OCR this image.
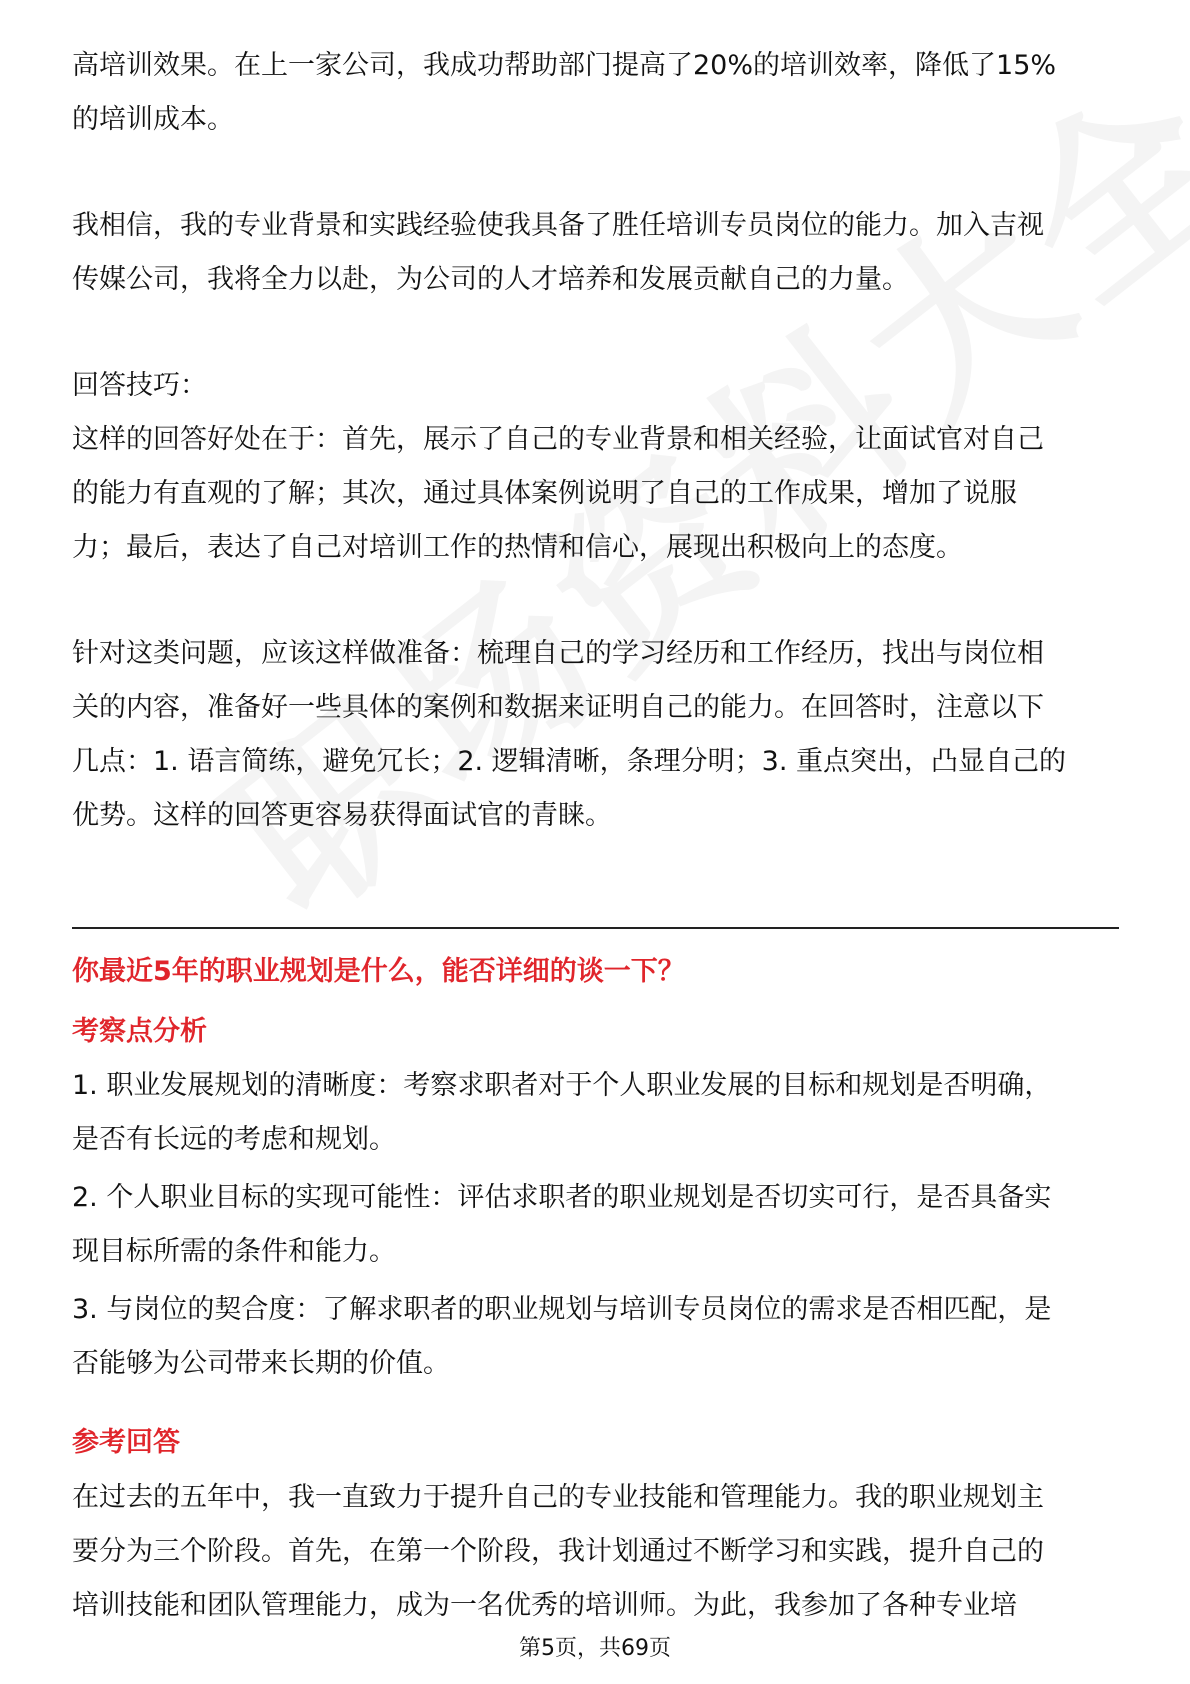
高培训效果。在上一家公司，我成功帮助部门提高了20%的培训效率，降低了15%
的培训成本。
我相信，我的专业背景和实践经验使我具备了胜任培训专员岗位的能力。加入吉视
传媒公司，我将全力以赴，为公司的人才培养和发展贡献自己的力量。
回答技巧：
这样的回答好处在于：首先，展示了自己的专业背景和相关经验，让面试官对自己
的能力有直观的了解；其次，通过具体案例说明了自己的工作成果，增加了说服
力；最后，表达了自己对培训工作的热情和信心，展现出积极向上的态度。
针对这类问题，应该这样做准备：梳理自己的学习经历和工作经历，找出与岗位相
关的内容，准备好一些具体的案例和数据来证明自己的能力。在回答时，注意以下
几点：1. 语言简练，避免冗长；2. 逻辑清晰，条理分明；3. 重点突出，凸显自己的
优势。这样的回答更容易获得面试官的青睐。
你最近5年的职业规划是什么，能否详细的谈一下？
考察点分析
1. 职业发展规划的清晰度：考察求职者对于个人职业发展的目标和规划是否明确，
是否有长远的考虑和规划。
2. 个人职业目标的实现可能性：评估求职者的职业规划是否切实可行，是否具备实
现目标所需的条件和能力。
3. 与岗位的契合度：了解求职者的职业规划与培训专员岗位的需求是否相匹配，是
否能够为公司带来长期的价值。
参考回答
在过去的五年中，我一直致力于提升自己的专业技能和管理能力。我的职业规划主
要分为三个阶段。首先，在第一个阶段，我计划通过不断学习和实践，提升自己的
培训技能和团队管理能力，成为一名优秀的培训师。为此，我参加了各种专业培
第5页，共69页
